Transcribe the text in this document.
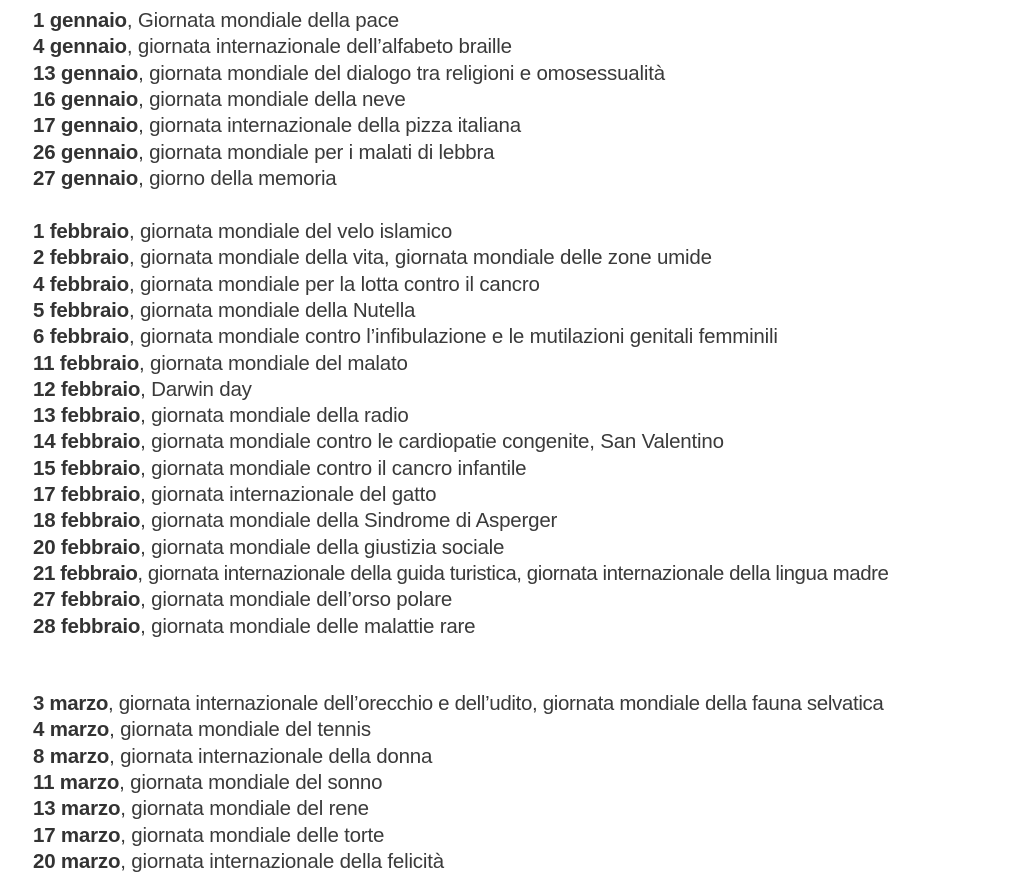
1 gennaio, Giornata mondiale della pace
4 gennaio, giornata internazionale dell’alfabeto braille
13 gennaio, giornata mondiale del dialogo tra religioni e omosessualità
16 gennaio, giornata mondiale della neve
17 gennaio, giornata internazionale della pizza italiana
26 gennaio, giornata mondiale per i malati di lebbra
27 gennaio, giorno della memoria
1 febbraio, giornata mondiale del velo islamico
2 febbraio, giornata mondiale della vita, giornata mondiale delle zone umide
4 febbraio, giornata mondiale per la lotta contro il cancro
5 febbraio, giornata mondiale della Nutella
6 febbraio, giornata mondiale contro l’infibulazione e le mutilazioni genitali femminili
11 febbraio, giornata mondiale del malato
12 febbraio, Darwin day
13 febbraio, giornata mondiale della radio
14 febbraio, giornata mondiale contro le cardiopatie congenite, San Valentino
15 febbraio, giornata mondiale contro il cancro infantile
17 febbraio, giornata internazionale del gatto
18 febbraio, giornata mondiale della Sindrome di Asperger
20 febbraio, giornata mondiale della giustizia sociale
21 febbraio, giornata internazionale della guida turistica, giornata internazionale della lingua madre
27 febbraio, giornata mondiale dell’orso polare
28 febbraio, giornata mondiale delle malattie rare
3 marzo, giornata internazionale dell’orecchio e dell’udito, giornata mondiale della fauna selvatica
4 marzo, giornata mondiale del tennis
8 marzo, giornata internazionale della donna
11 marzo, giornata mondiale del sonno
13 marzo, giornata mondiale del rene
17 marzo, giornata mondiale delle torte
20 marzo, giornata internazionale della felicità
